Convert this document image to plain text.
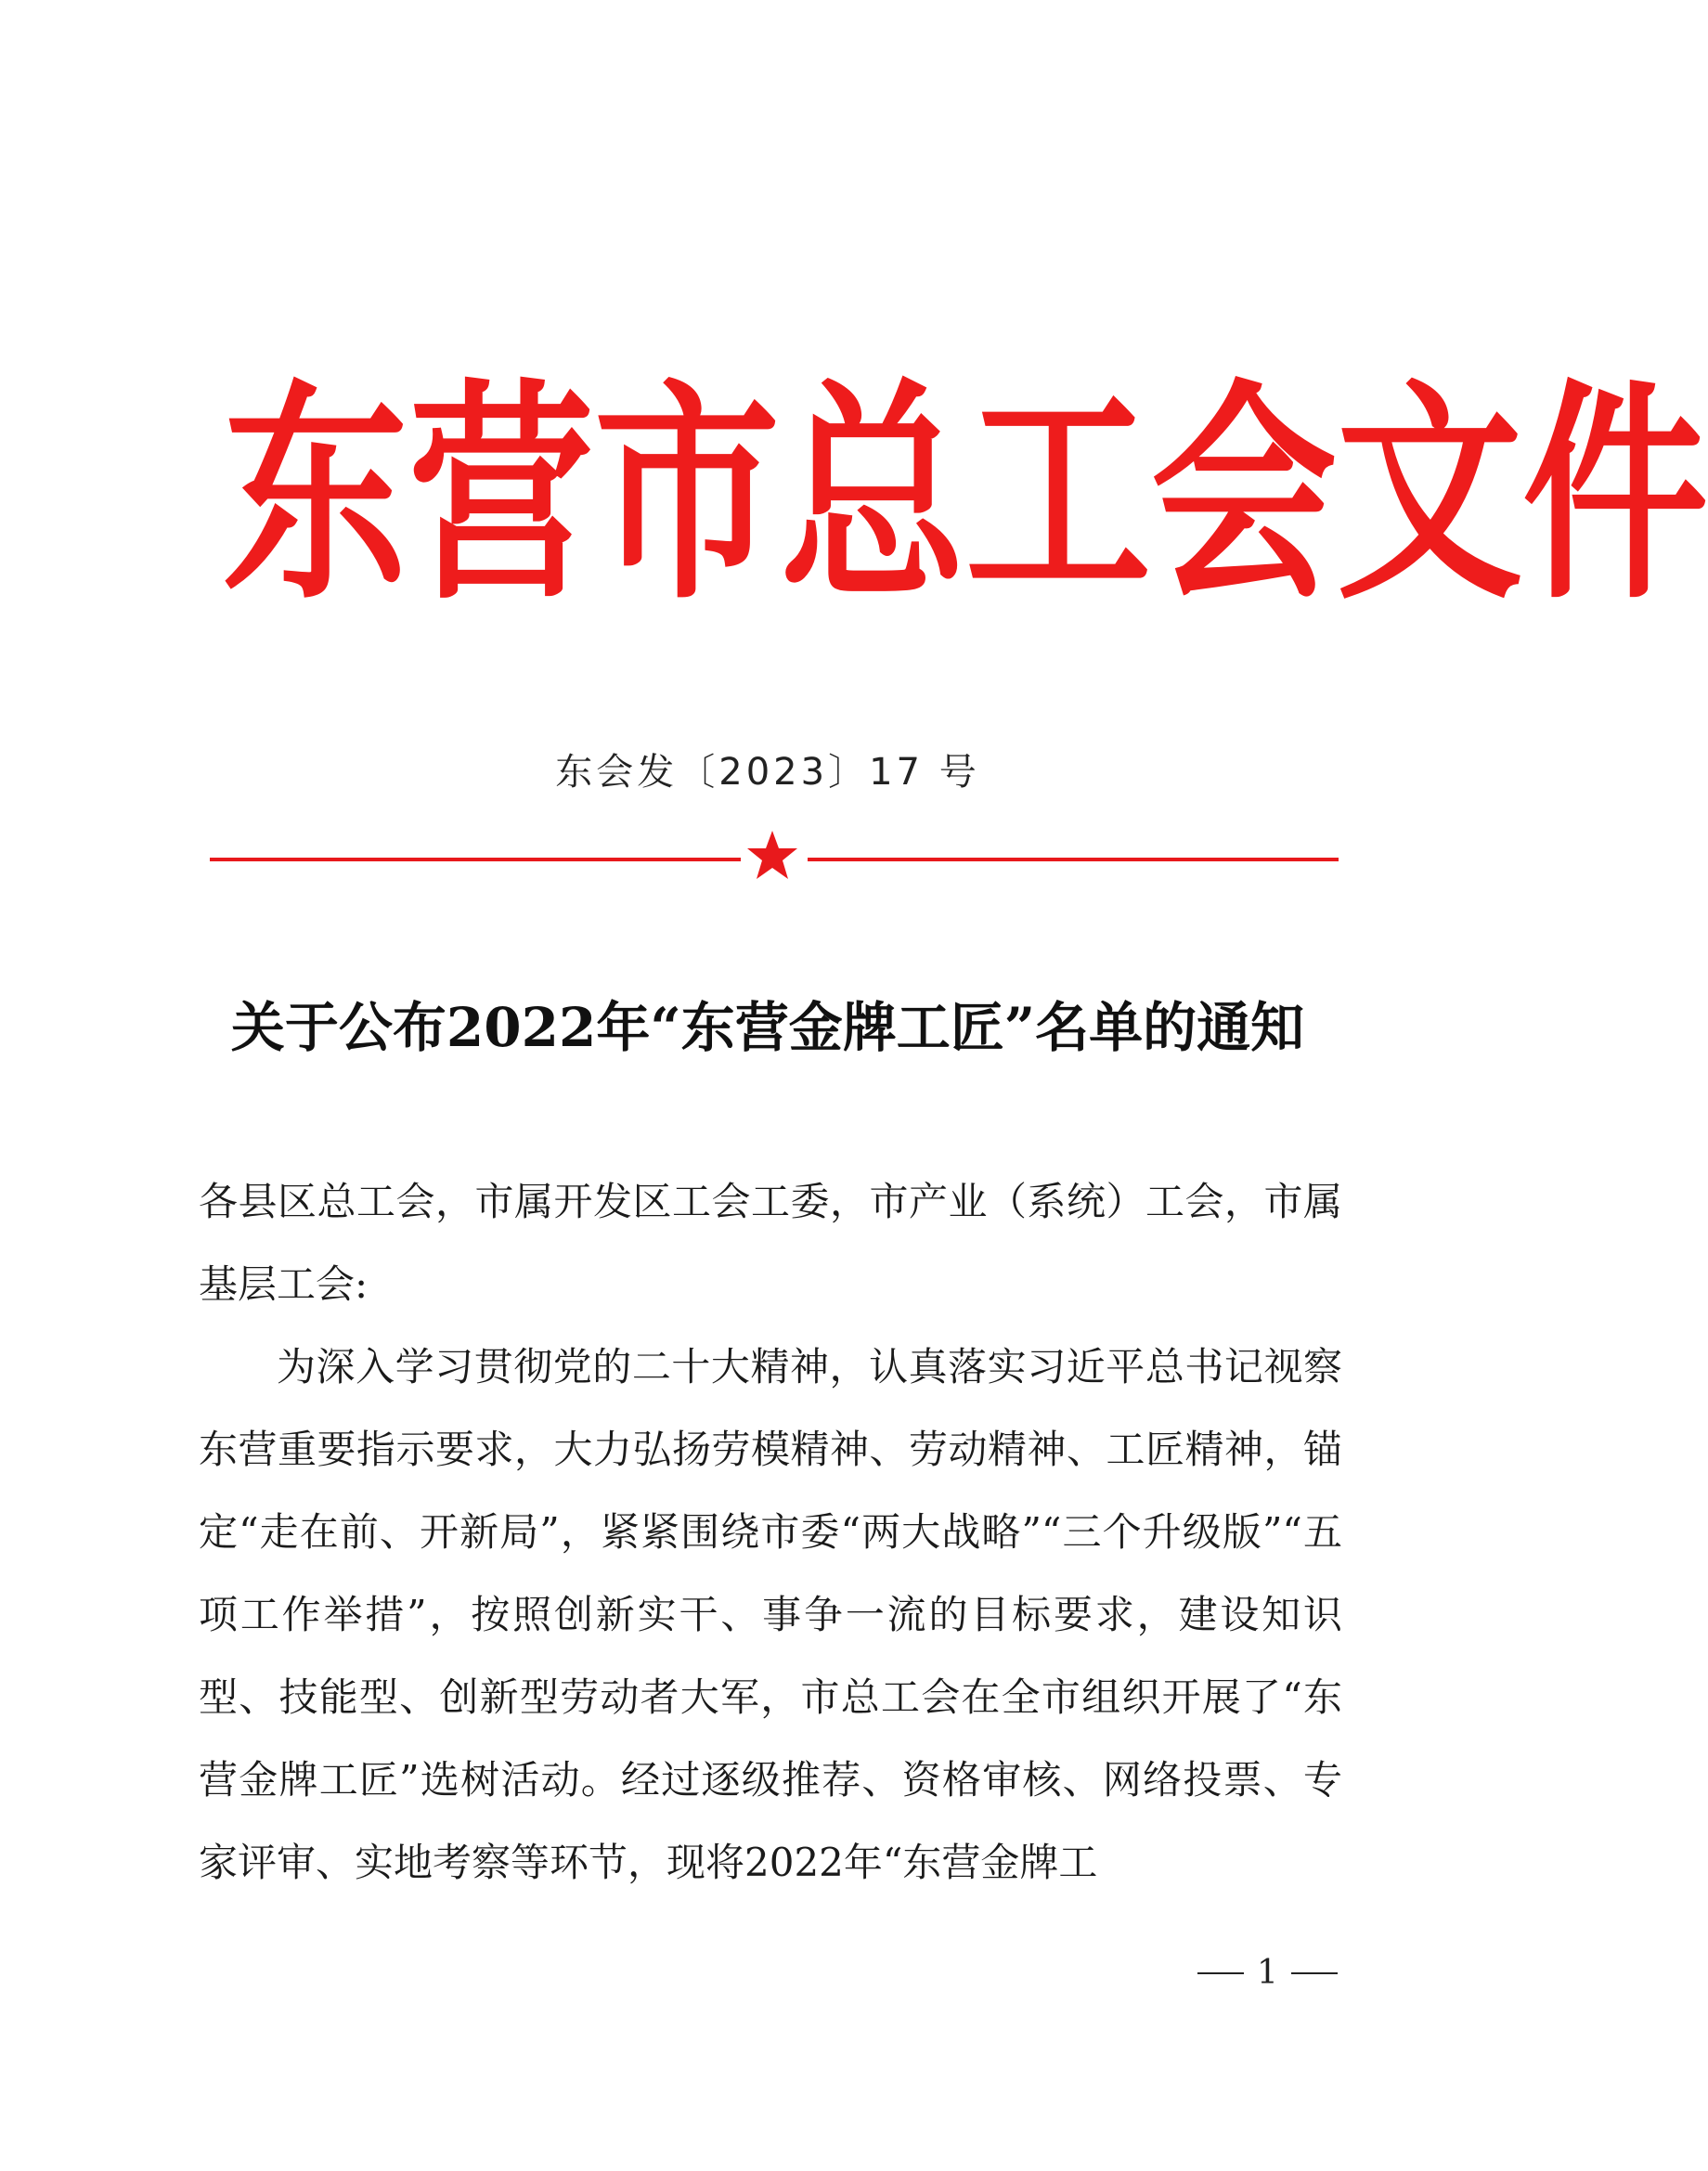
东 营 市 总 工 会 文 件
东会发〔2023〕17 号
关于公布2022年“东营金牌工匠”名单的通知

各县区总工会，市属开发区工会工委，市产业（系统）工会，市属基层工会:

为深入学习贯彻党的二十大精神，认真落实习近平总书记视察东营重要指示要求，大力弘扬劳模精神、劳动精神、工匠精神，锚定“走在前、开新局”，紧紧围绕市委“两大战略”“三个升级版”“五项工作举措”，按照创新实干、事争一流的目标要求，建设知识型、技能型、创新型劳动者大军，市总工会在全市组织开展了“东营金牌工匠”选树活动。经过逐级推荐、资格审核、网络投票、专家评审、实地考察等环节，现将2022年“东营金牌工

1
